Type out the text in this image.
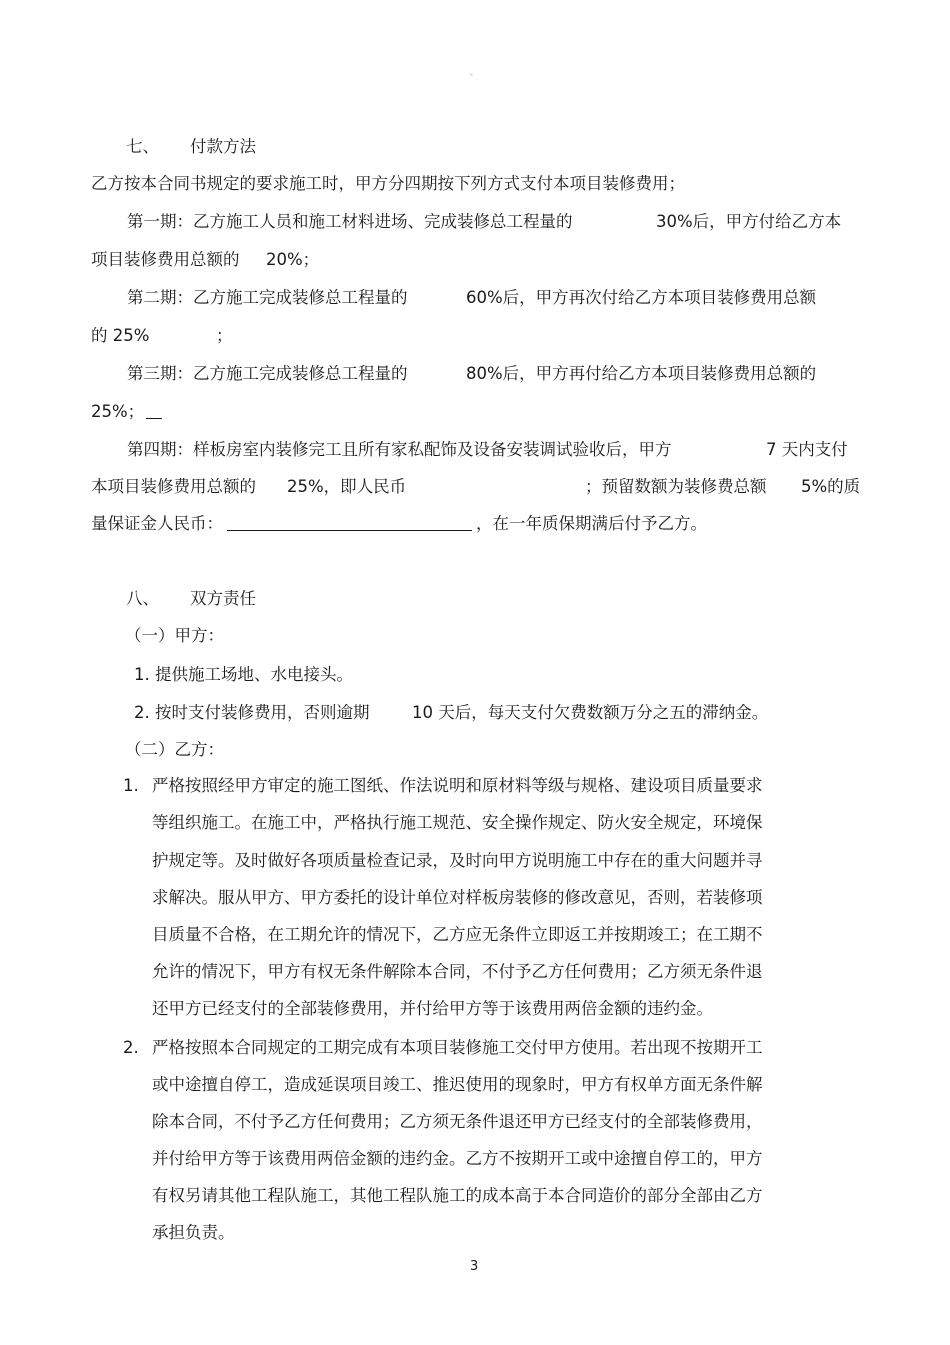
-
七、 付款方法
乙方按本合同书规定的要求施工时，甲方分四期按下列方式支付本项目装修费用；
第一期：乙方施工人员和施工材料进场、完成装修总工程量的	30%后，甲方付给乙方本
项目装修费用总额的 20%；
第二期：乙方施工完成装修总工程量的	60%后，甲方再次付给乙方本项目装修费用总额
的 25%	；
第三期：乙方施工完成装修总工程量的	80%后，甲方再付给乙方本项目装修费用总额的
25%；
第四期：样板房室内装修完工且所有家私配饰及设备安装调试验收后，甲方	7 天内支付
本项目装修费用总额的 25%，即人民币	；预留数额为装修费总额 5%的质
量保证金人民币：	，在一年质保期满后付予乙方。
八、 双方责任
（一）甲方：
1. 提供施工场地、水电接头。
2. 按时支付装修费用，否则逾期	10 天后，每天支付欠费数额万分之五的滞纳金。
（二）乙方：
1. 严格按照经甲方审定的施工图纸、作法说明和原材料等级与规格、建设项目质量要求
等组织施工。在施工中，严格执行施工规范、安全操作规定、防火安全规定，环境保
护规定等。及时做好各项质量检查记录，及时向甲方说明施工中存在的重大问题并寻
求解决。服从甲方、甲方委托的设计单位对样板房装修的修改意见，否则，若装修项
目质量不合格，在工期允许的情况下，乙方应无条件立即返工并按期竣工；在工期不
允许的情况下，甲方有权无条件解除本合同，不付予乙方任何费用；乙方须无条件退
还甲方已经支付的全部装修费用，并付给甲方等于该费用两倍金额的违约金。
2. 严格按照本合同规定的工期完成有本项目装修施工交付甲方使用。若出现不按期开工
或中途擅自停工，造成延误项目竣工、推迟使用的现象时，甲方有权单方面无条件解
除本合同，不付予乙方任何费用；乙方须无条件退还甲方已经支付的全部装修费用，
并付给甲方等于该费用两倍金额的违约金。乙方不按期开工或中途擅自停工的，甲方
有权另请其他工程队施工，其他工程队施工的成本高于本合同造价的部分全部由乙方
承担负责。
3
